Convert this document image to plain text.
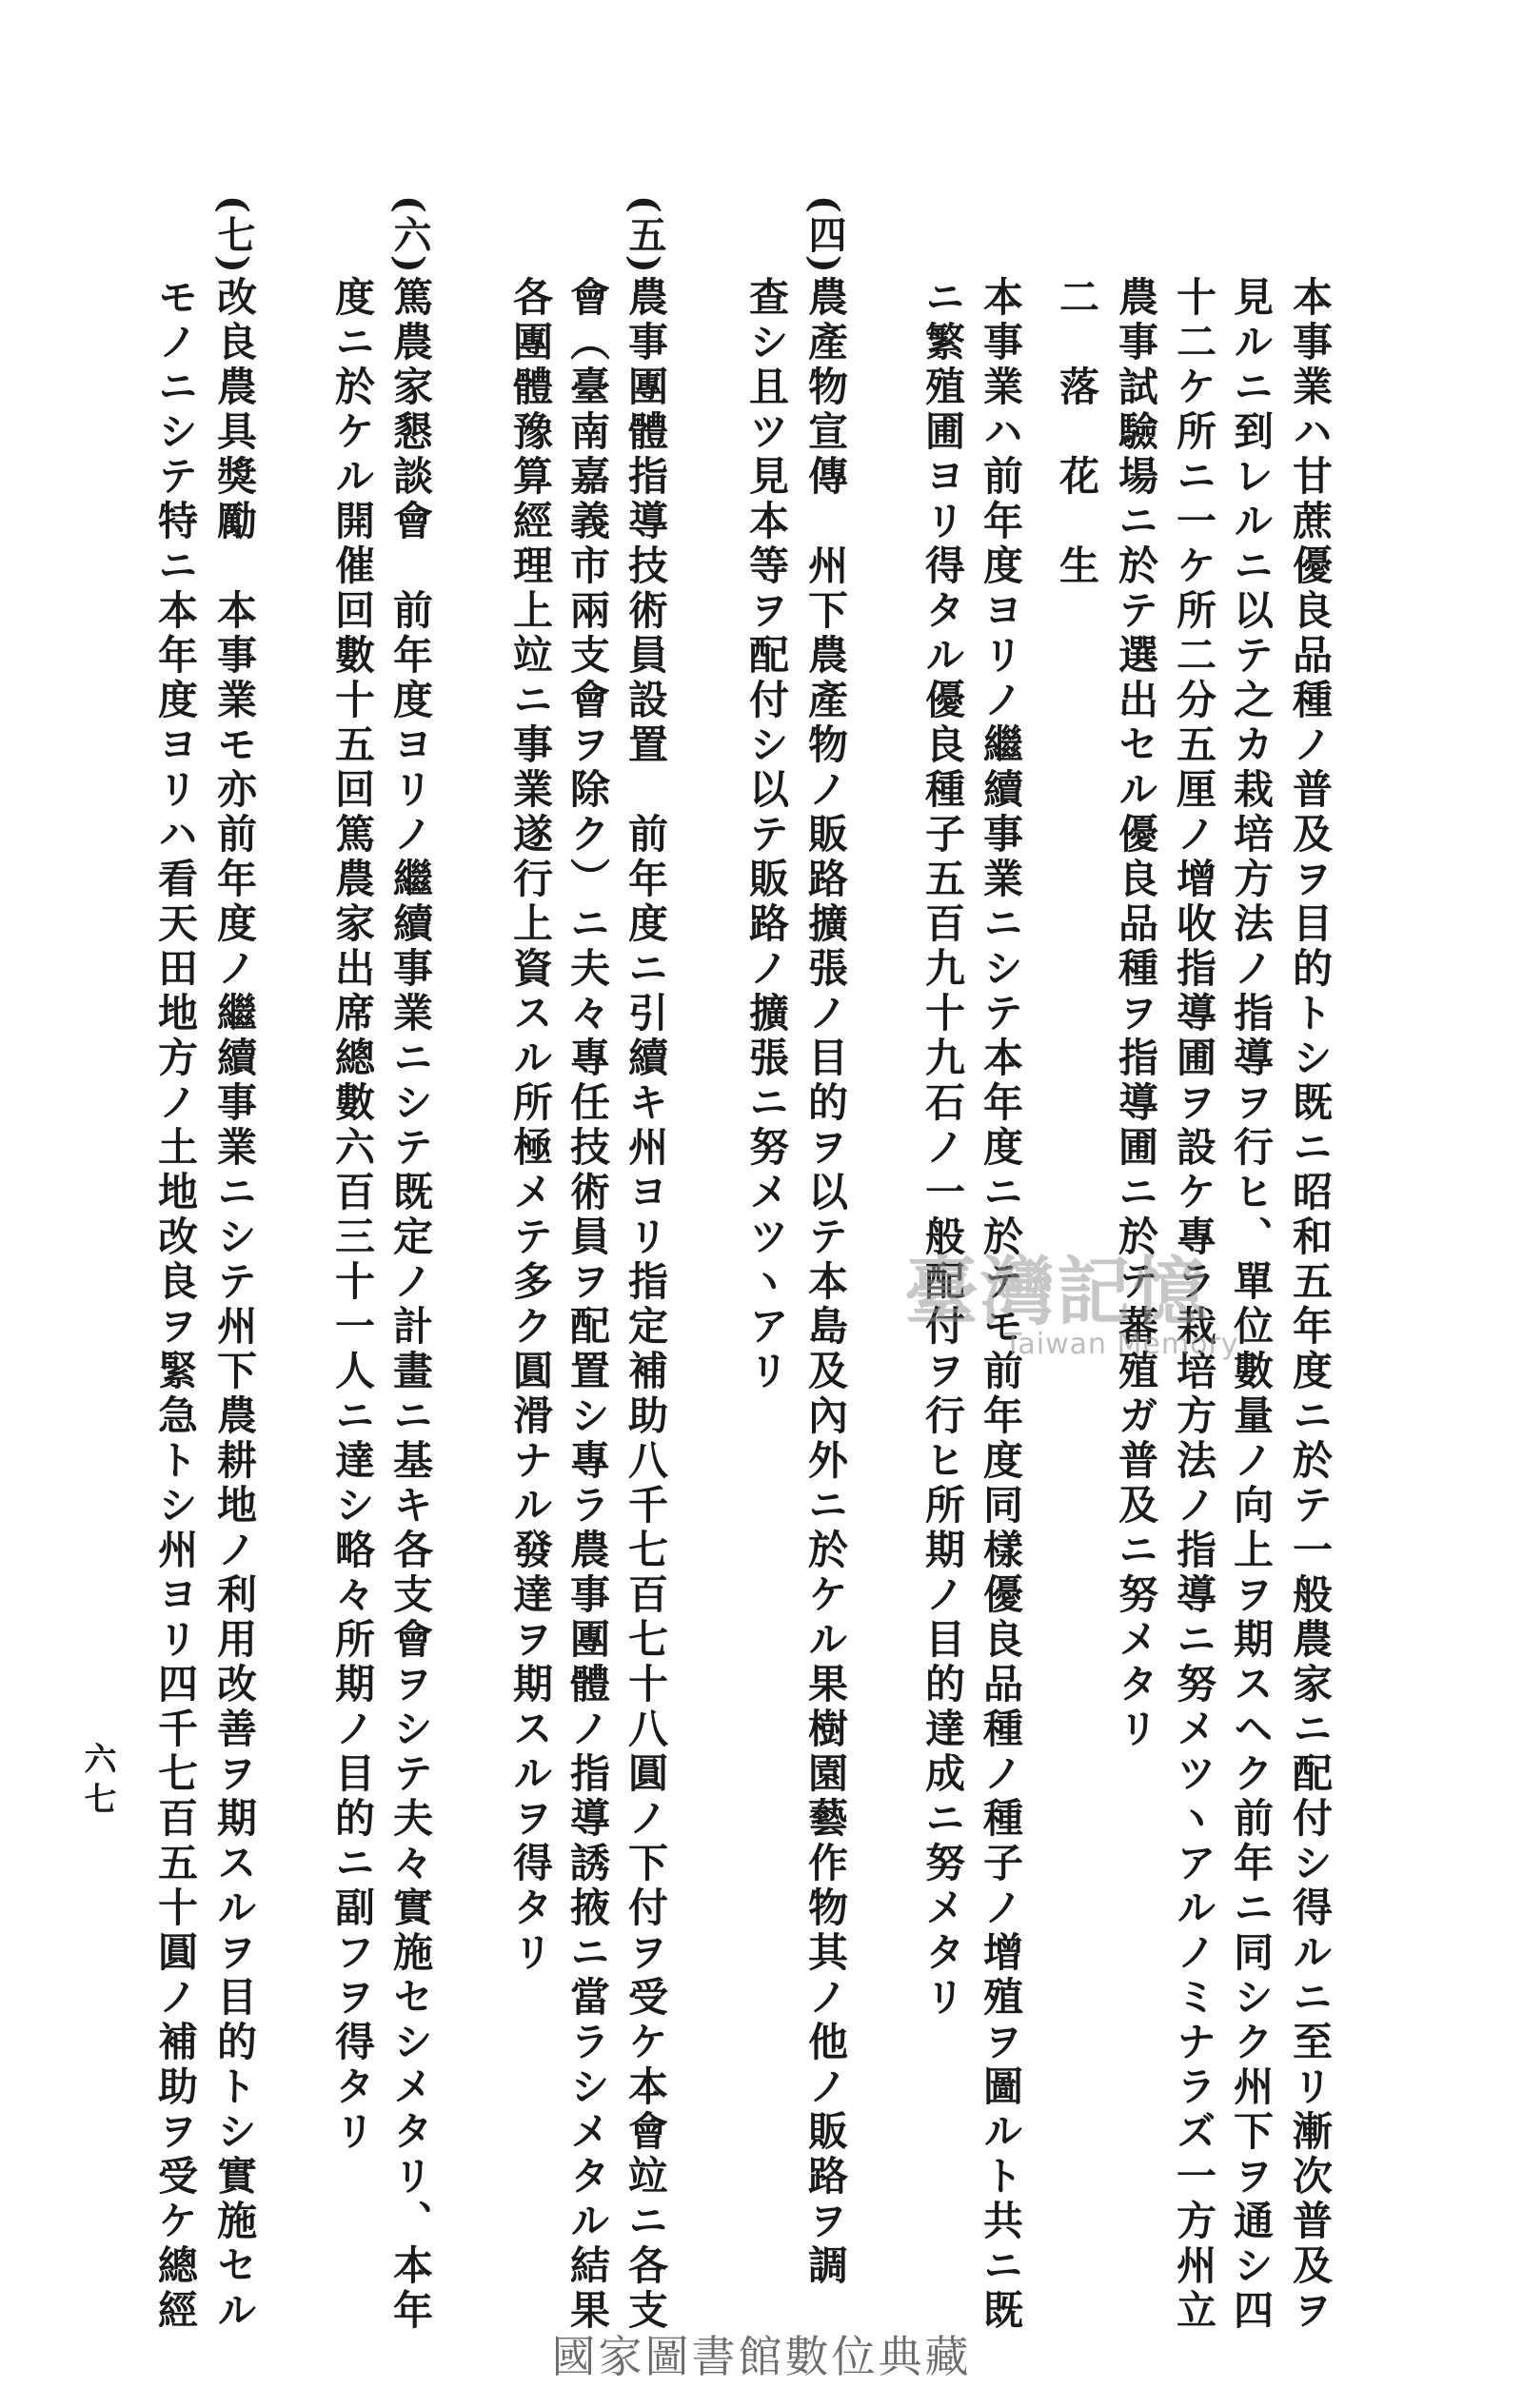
本事業ハ甘蔗優良品種ノ普及ヲ目的トシ既ニ昭和五年度ニ於テ一般農家ニ配付シ得ルニ至リ漸次普及ヲ
見ルニ到レルニ以テ之カ栽培方法ノ指導ヲ行ヒ、單位數量ノ向上ヲ期スヘク前年ニ同シク州下ヲ通シ四
十二ケ所ニ一ケ所二分五厘ノ增收指導圃ヲ設ケ專ラ栽培方法ノ指導ニ努メツヽアルノミナラズ一方州立
農事試驗場ニ於テ選出セル優良品種ヲ指導圃ニ於テ蕃殖ガ普及ニ努メタリ
二　落　花　生
本事業ハ前年度ヨリノ繼續事業ニシテ本年度ニ於テモ前年度同樣優良品種ノ種子ノ增殖ヲ圖ルト共ニ既
ニ繁殖圃ヨリ得タル優良種子五百九十九石ノ一般配付ヲ行ヒ所期ノ目的達成ニ努メタリ
農產物宣傳　州下農產物ノ販路擴張ノ目的ヲ以テ本島及內外ニ於ケル果樹園藝作物其ノ他ノ販路ヲ調
查シ且ツ見本等ヲ配付シ以テ販路ノ擴張ニ努メツヽアリ
農事團體指導技術員設置　前年度ニ引續キ州ヨリ指定補助八千七百七十八圓ノ下付ヲ受ケ本會竝ニ各支
會（臺南嘉義市兩支會ヲ除ク）ニ夫々專任技術員ヲ配置シ專ラ農事團體ノ指導誘掖ニ當ラシメタル結果
各團體豫算經理上竝ニ事業遂行上資スル所極メテ多ク圓滑ナル發達ヲ期スルヲ得タリ
篤農家懇談會　前年度ヨリノ繼續事業ニシテ既定ノ計畫ニ基キ各支會ヲシテ夫々實施セシメタリ、本年
度ニ於ケル開催回數十五回篤農家出席總數六百三十一人ニ達シ略々所期ノ目的ニ副フヲ得タリ
改良農具獎勵　本事業モ亦前年度ノ繼續事業ニシテ州下農耕地ノ利用改善ヲ期スルヲ目的トシ實施セル
モノニシテ特ニ本年度ヨリハ看天田地方ノ土地改良ヲ緊急トシ州ヨリ四千七百五十圓ノ補助ヲ受ケ總經
(四)
(五)
(六)
(七)
六七
臺灣記憶
Taiwan Memory
國家圖書館數位典藏
